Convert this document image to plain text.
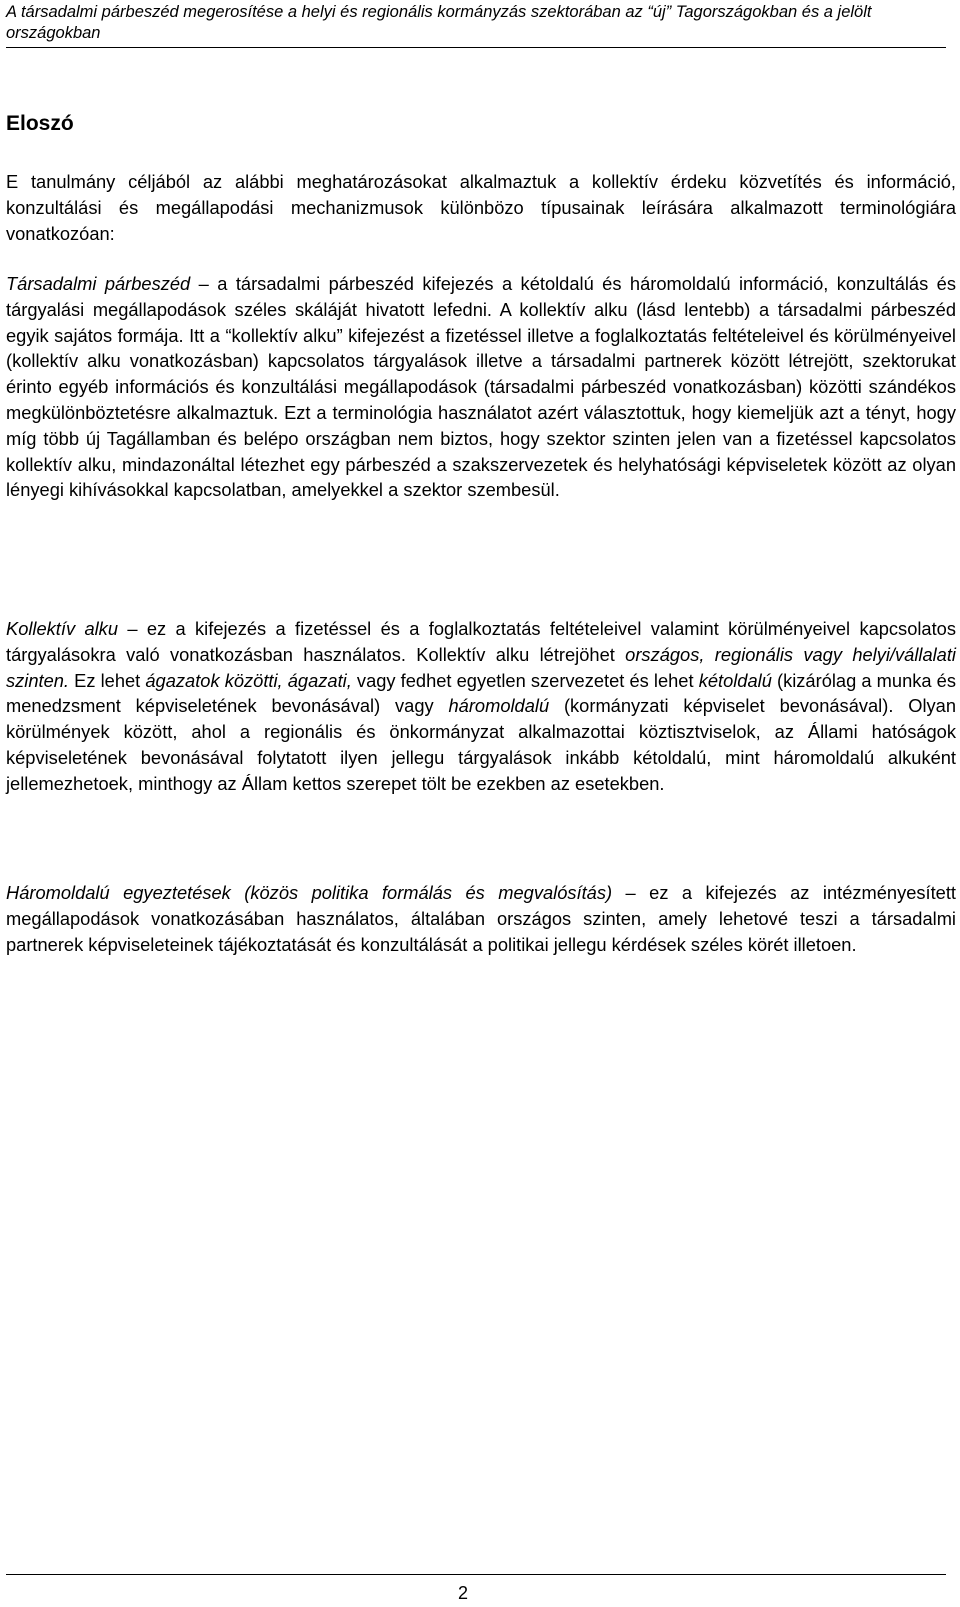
A társadalmi párbeszéd megerosítése a helyi és regionális kormányzás szektorában az “új” Tagországokban és a jelölt országokban
Eloszó

E tanulmány céljából az alábbi meghatározásokat alkalmaztuk a kollektív érdeku közvetítés és információ, konzultálási és megállapodási mechanizmusok különbözo típusainak leírására alkalmazott terminológiára vonatkozóan:

Társadalmi párbeszéd – a társadalmi párbeszéd kifejezés a kétoldalú és háromoldalú információ, konzultálás és tárgyalási megállapodások széles skáláját hivatott lefedni. A kollektív alku (lásd lentebb) a társadalmi párbeszéd egyik sajátos formája. Itt a “kollektív alku” kifejezést a fizetéssel illetve a foglalkoztatás feltételeivel és körülményeivel (kollektív alku vonatkozásban) kapcsolatos tárgyalások illetve a társadalmi partnerek között létrejött, szektorukat érinto egyéb információs és konzultálási megállapodások (társadalmi párbeszéd vonatkozásban) közötti szándékos megkülönböztetésre alkalmaztuk. Ezt a terminológia használatot azért választottuk, hogy kiemeljük azt a tényt, hogy míg több új Tagállamban és belépo országban nem biztos, hogy szektor szinten jelen van a fizetéssel kapcsolatos kollektív alku, mindazonáltal létezhet egy párbeszéd a szakszervezetek és helyhatósági képviseletek között az olyan lényegi kihívásokkal kapcsolatban, amelyekkel a szektor szembesül.

Kollektív alku – ez a kifejezés a fizetéssel és a foglalkoztatás feltételeivel valamint körülményeivel kapcsolatos tárgyalásokra való vonatkozásban használatos. Kollektív alku létrejöhet országos, regionális vagy helyi/vállalati szinten. Ez lehet ágazatok közötti, ágazati, vagy fedhet egyetlen szervezetet és lehet kétoldalú (kizárólag a munka és menedzsment képviseletének bevonásával) vagy háromoldalú (kormányzati képviselet bevonásával). Olyan körülmények között, ahol a regionális és önkormányzat alkalmazottai köztisztviselok, az Állami hatóságok képviseletének bevonásával folytatott ilyen jellegu tárgyalások inkább kétoldalú, mint háromoldalú alkuként jellemezhetoek, minthogy az Állam kettos szerepet tölt be ezekben az esetekben.

Háromoldalú egyeztetések (közös politika formálás és megvalósítás) – ez a kifejezés az intézményesített megállapodások vonatkozásában használatos, általában országos szinten, amely lehetové teszi a társadalmi partnerek képviseleteinek tájékoztatását és konzultálását a politikai jellegu kérdések széles körét illetoen.

2
